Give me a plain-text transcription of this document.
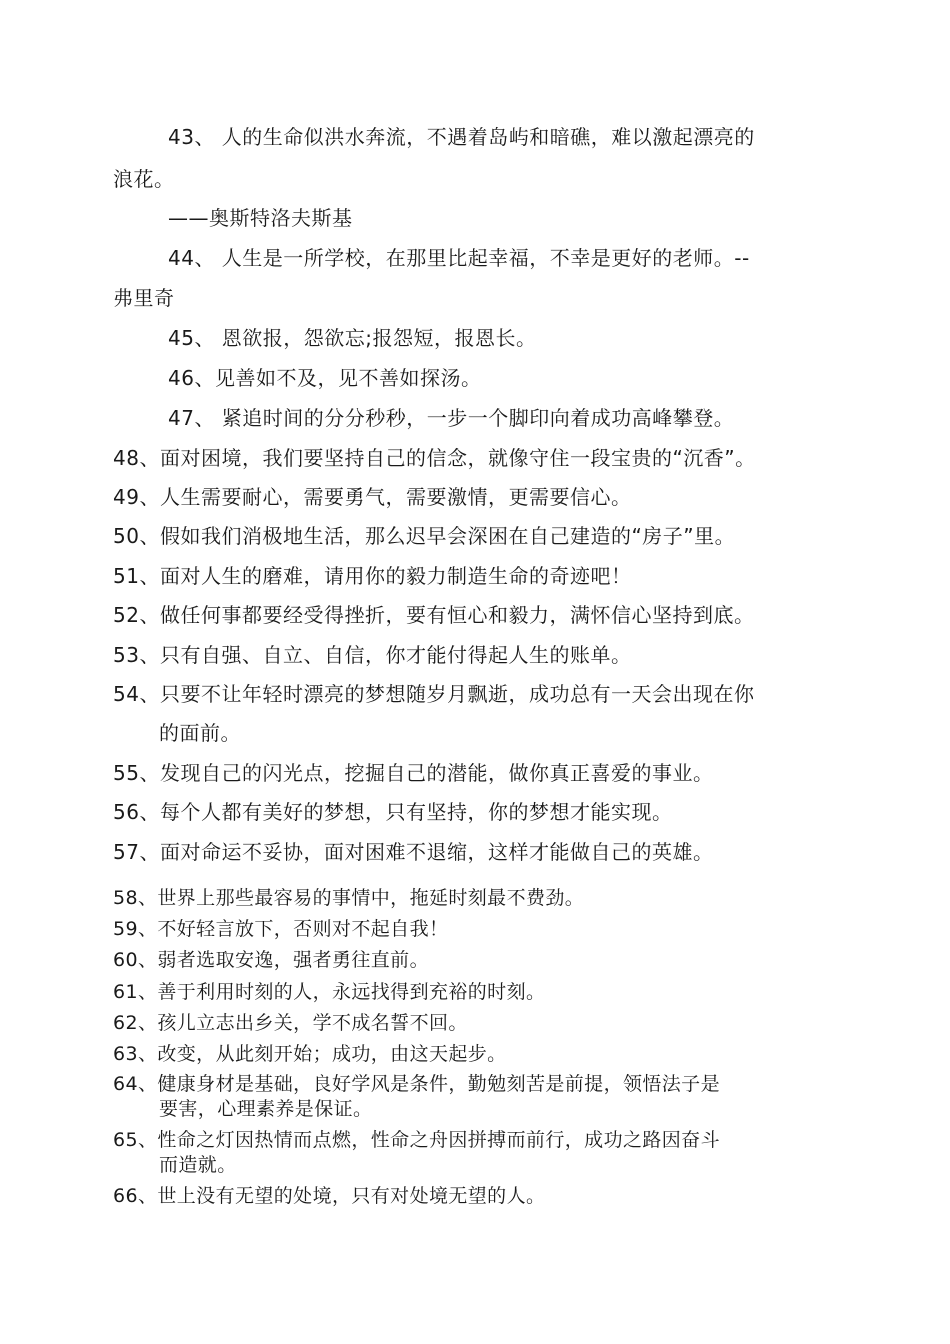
43、 人的生命似洪水奔流，不遇着岛屿和暗礁，难以激起漂亮的
浪花。
——奥斯特洛夫斯基
44、 人生是一所学校，在那里比起幸福，不幸是更好的老师。--
弗里奇
45、 恩欲报，怨欲忘;报怨短，报恩长。
46、见善如不及，见不善如探汤。
47、 紧追时间的分分秒秒，一步一个脚印向着成功高峰攀登。
48、面对困境，我们要坚持自己的信念，就像守住一段宝贵的“沉香”。
49、人生需要耐心，需要勇气，需要激情，更需要信心。
50、假如我们消极地生活，那么迟早会深困在自己建造的“房子”里。
51、面对人生的磨难，请用你的毅力制造生命的奇迹吧！
52、做任何事都要经受得挫折，要有恒心和毅力，满怀信心坚持到底。
53、只有自强、自立、自信，你才能付得起人生的账单。
54、只要不让年轻时漂亮的梦想随岁月飘逝，成功总有一天会出现在你
的面前。
55、发现自己的闪光点，挖掘自己的潜能，做你真正喜爱的事业。
56、每个人都有美好的梦想，只有坚持，你的梦想才能实现。
57、面对命运不妥协，面对困难不退缩，这样才能做自己的英雄。
58、世界上那些最容易的事情中，拖延时刻最不费劲。
59、不好轻言放下，否则对不起自我！
60、弱者选取安逸，强者勇往直前。
61、善于利用时刻的人，永远找得到充裕的时刻。
62、孩儿立志出乡关，学不成名誓不回。
63、改变，从此刻开始；成功，由这天起步。
64、健康身材是基础，良好学风是条件，勤勉刻苦是前提，领悟法子是
要害，心理素养是保证。
65、性命之灯因热情而点燃，性命之舟因拼搏而前行，成功之路因奋斗
而造就。
66、世上没有无望的处境，只有对处境无望的人。
